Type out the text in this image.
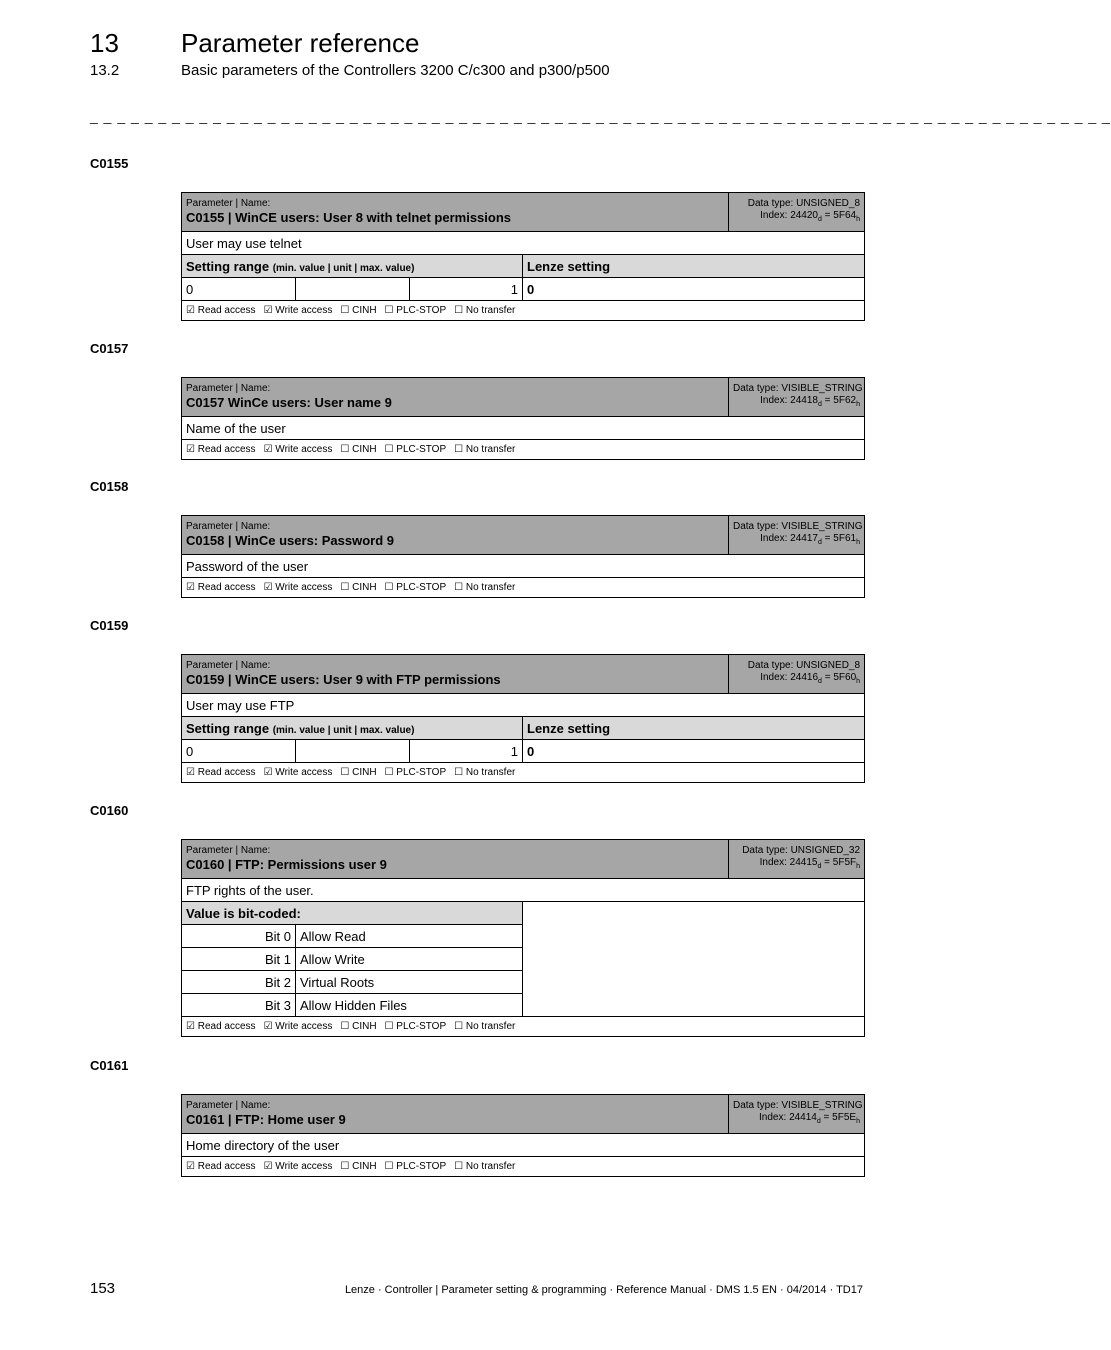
13 Parameter reference
13.2	Basic parameters of the Controllers 3200 C/c300 and p300/p500
_ _ _ _ _ _ _ _ _ _ _ _ _ _ _ _ _ _ _ _ _ _ _ _ _ _ _ _ _ _ _ _ _ _ _ _ _ _ _ _ _ _ _ _ _ _ _ _ _ _ _ _ _ _ _ _ _ _ _ _ _ _ _ _ _ _ _ _ _ _ _ _ _ _ _
C0155
Parameter | Name:
C0155 | WinCE users: User 8 with telnet permissions				Data type: UNSIGNED_8
Index: $24420_d = 5F64_h$
User may use telnet				
Setting range (min. value | unit | max. value)			Lenze setting	
0		1	0	
☑ Read access ☑ Write access ☐ CINH ☐ PLC-STOP ☐ No transfer				
C0157
Parameter | Name:
C0157 WinCe users: User name 9
	Data type: VISIBLE_STRING
Index: $24418_d = 5F62_h$
Name of the user
☑ Read access ☑ Write access ☐ CINH ☐ PLC-STOP ☐ No transfer
C0158
Parameter | Name:
C0158 | WinCe users: Password 9
	Data type: VISIBLE_STRING
Index: $24417_d = 5F61_h$
Password of the user
☑ Read access ☑ Write access ☐ CINH ☐ PLC-STOP ☐ No transfer
C0159
Parameter | Name:
C0159 | WinCE users: User 9 with FTP permissions				Data type: UNSIGNED_8
Index: $24416_d = 5F60_h$
User may use FTP				
Setting range (min. value | unit | max. value)			Lenze setting	
0		1	0	
☑ Read access ☑ Write access ☐ CINH ☐ PLC-STOP ☐ No transfer				
C0160
Parameter | Name:
C0160 | FTP: Permissions user 9			Data type: UNSIGNED_32
Index: $24415_d = 5F5F_h$
FTP rights of the user.			
Value is bit-coded:			
Bit 0	Allow Read		
Bit 1	Allow Write		
Bit 2	Virtual Roots		
Bit 3	Allow Hidden Files		
☑ Read access ☑ Write access ☐ CINH ☐ PLC-STOP ☐ No transfer			
C0161
Parameter | Name:
C0161 | FTP: Home user 9
	Data type: VISIBLE_STRING
Index: $24414_d = 5F5E_h$
Home directory of the user
☑ Read access ☑ Write access ☐ CINH ☐ PLC-STOP ☐ No transfer
153	Lenze · Controller | Parameter setting & programming · Reference Manual · DMS 1.5 EN · 04/2014 · TD17
